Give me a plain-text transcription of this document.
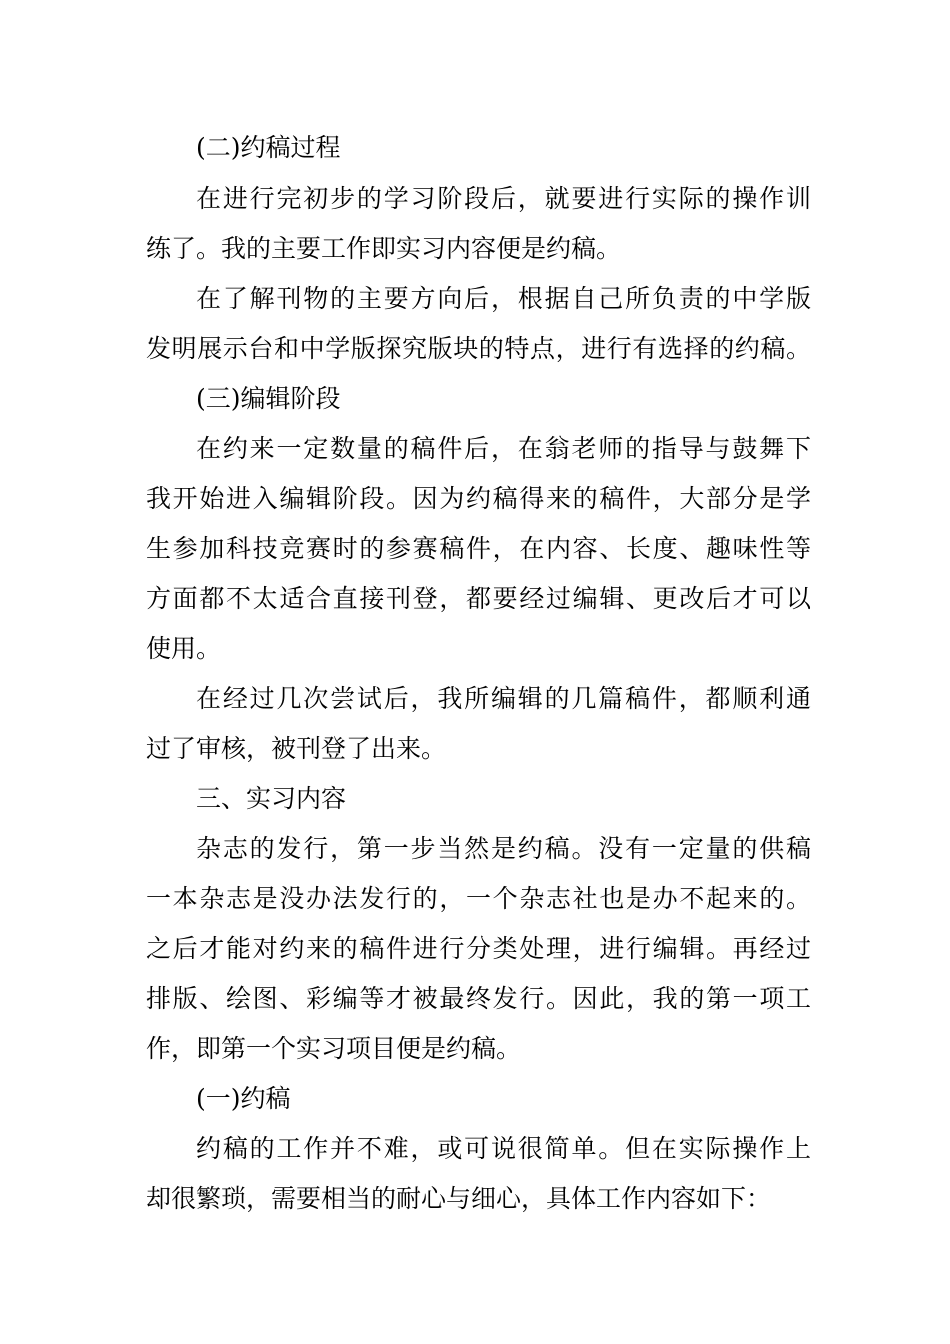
(二)约稿过程
在进行完初步的学习阶段后，就要进行实际的操作训
练了。我的主要工作即实习内容便是约稿。
在了解刊物的主要方向后，根据自己所负责的中学版
发明展示台和中学版探究版块的特点，进行有选择的约稿。
(三)编辑阶段
在约来一定数量的稿件后，在翁老师的指导与鼓舞下
我开始进入编辑阶段。因为约稿得来的稿件，大部分是学
生参加科技竞赛时的参赛稿件，在内容、长度、趣味性等
方面都不太适合直接刊登，都要经过编辑、更改后才可以
使用。
在经过几次尝试后，我所编辑的几篇稿件，都顺利通
过了审核，被刊登了出来。
三、实习内容
杂志的发行，第一步当然是约稿。没有一定量的供稿
一本杂志是没办法发行的，一个杂志社也是办不起来的。
之后才能对约来的稿件进行分类处理，进行编辑。再经过
排版、绘图、彩编等才被最终发行。因此，我的第一项工
作，即第一个实习项目便是约稿。
(一)约稿
约稿的工作并不难，或可说很简单。但在实际操作上
却很繁琐，需要相当的耐心与细心，具体工作内容如下：
